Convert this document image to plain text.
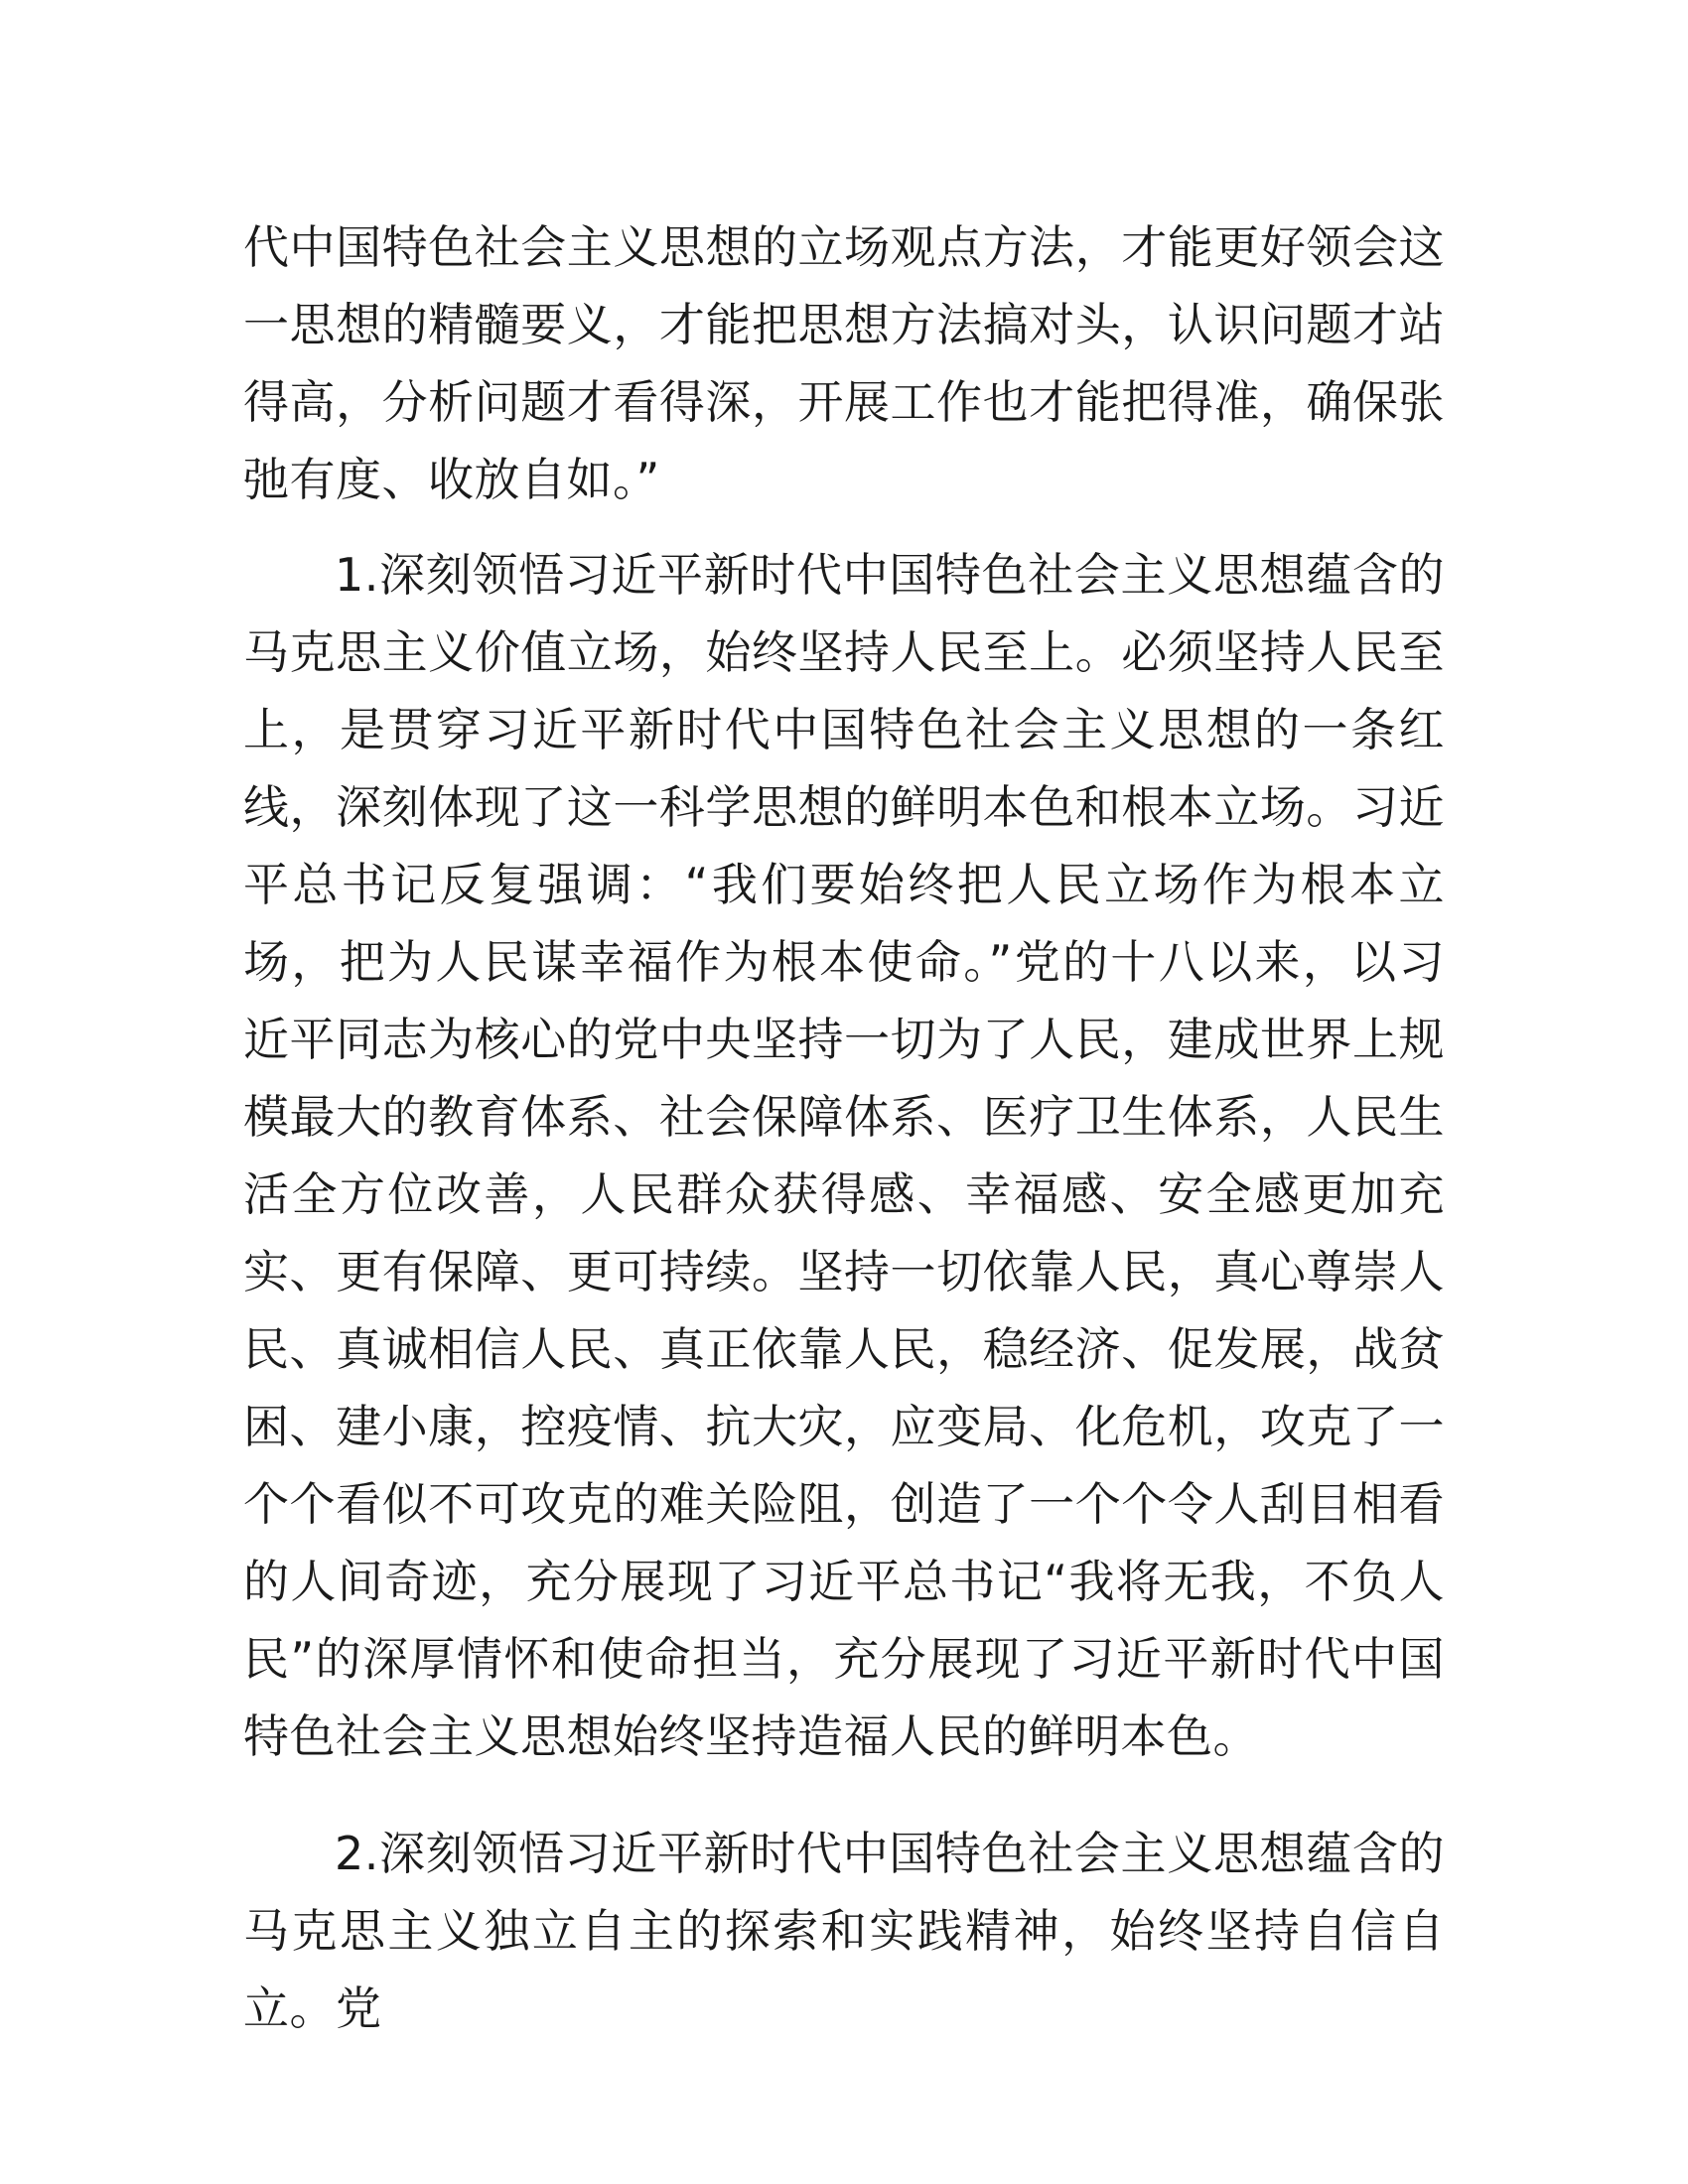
代中国特色社会主义思想的立场观点方法，才能更好领会这一思想的精髓要义，才能把思想方法搞对头，认识问题才站得高，分析问题才看得深，开展工作也才能把得准，确保张弛有度、收放自如。”

1.深刻领悟习近平新时代中国特色社会主义思想蕴含的马克思主义价值立场，始终坚持人民至上。必须坚持人民至上，是贯穿习近平新时代中国特色社会主义思想的一条红线，深刻体现了这一科学思想的鲜明本色和根本立场。习近平总书记反复强调：“我们要始终把人民立场作为根本立场，把为人民谋幸福作为根本使命。”党的十八以来，以习近平同志为核心的党中央坚持一切为了人民，建成世界上规模最大的教育体系、社会保障体系、医疗卫生体系，人民生活全方位改善，人民群众获得感、幸福感、安全感更加充实、更有保障、更可持续。坚持一切依靠人民，真心尊崇人民、真诚相信人民、真正依靠人民，稳经济、促发展，战贫困、建小康，控疫情、抗大灾，应变局、化危机，攻克了一个个看似不可攻克的难关险阻，创造了一个个令人刮目相看的人间奇迹，充分展现了习近平总书记“我将无我，不负人民”的深厚情怀和使命担当，充分展现了习近平新时代中国特色社会主义思想始终坚持造福人民的鲜明本色。

2.深刻领悟习近平新时代中国特色社会主义思想蕴含的马克思主义独立自主的探索和实践精神，始终坚持自信自立。党
